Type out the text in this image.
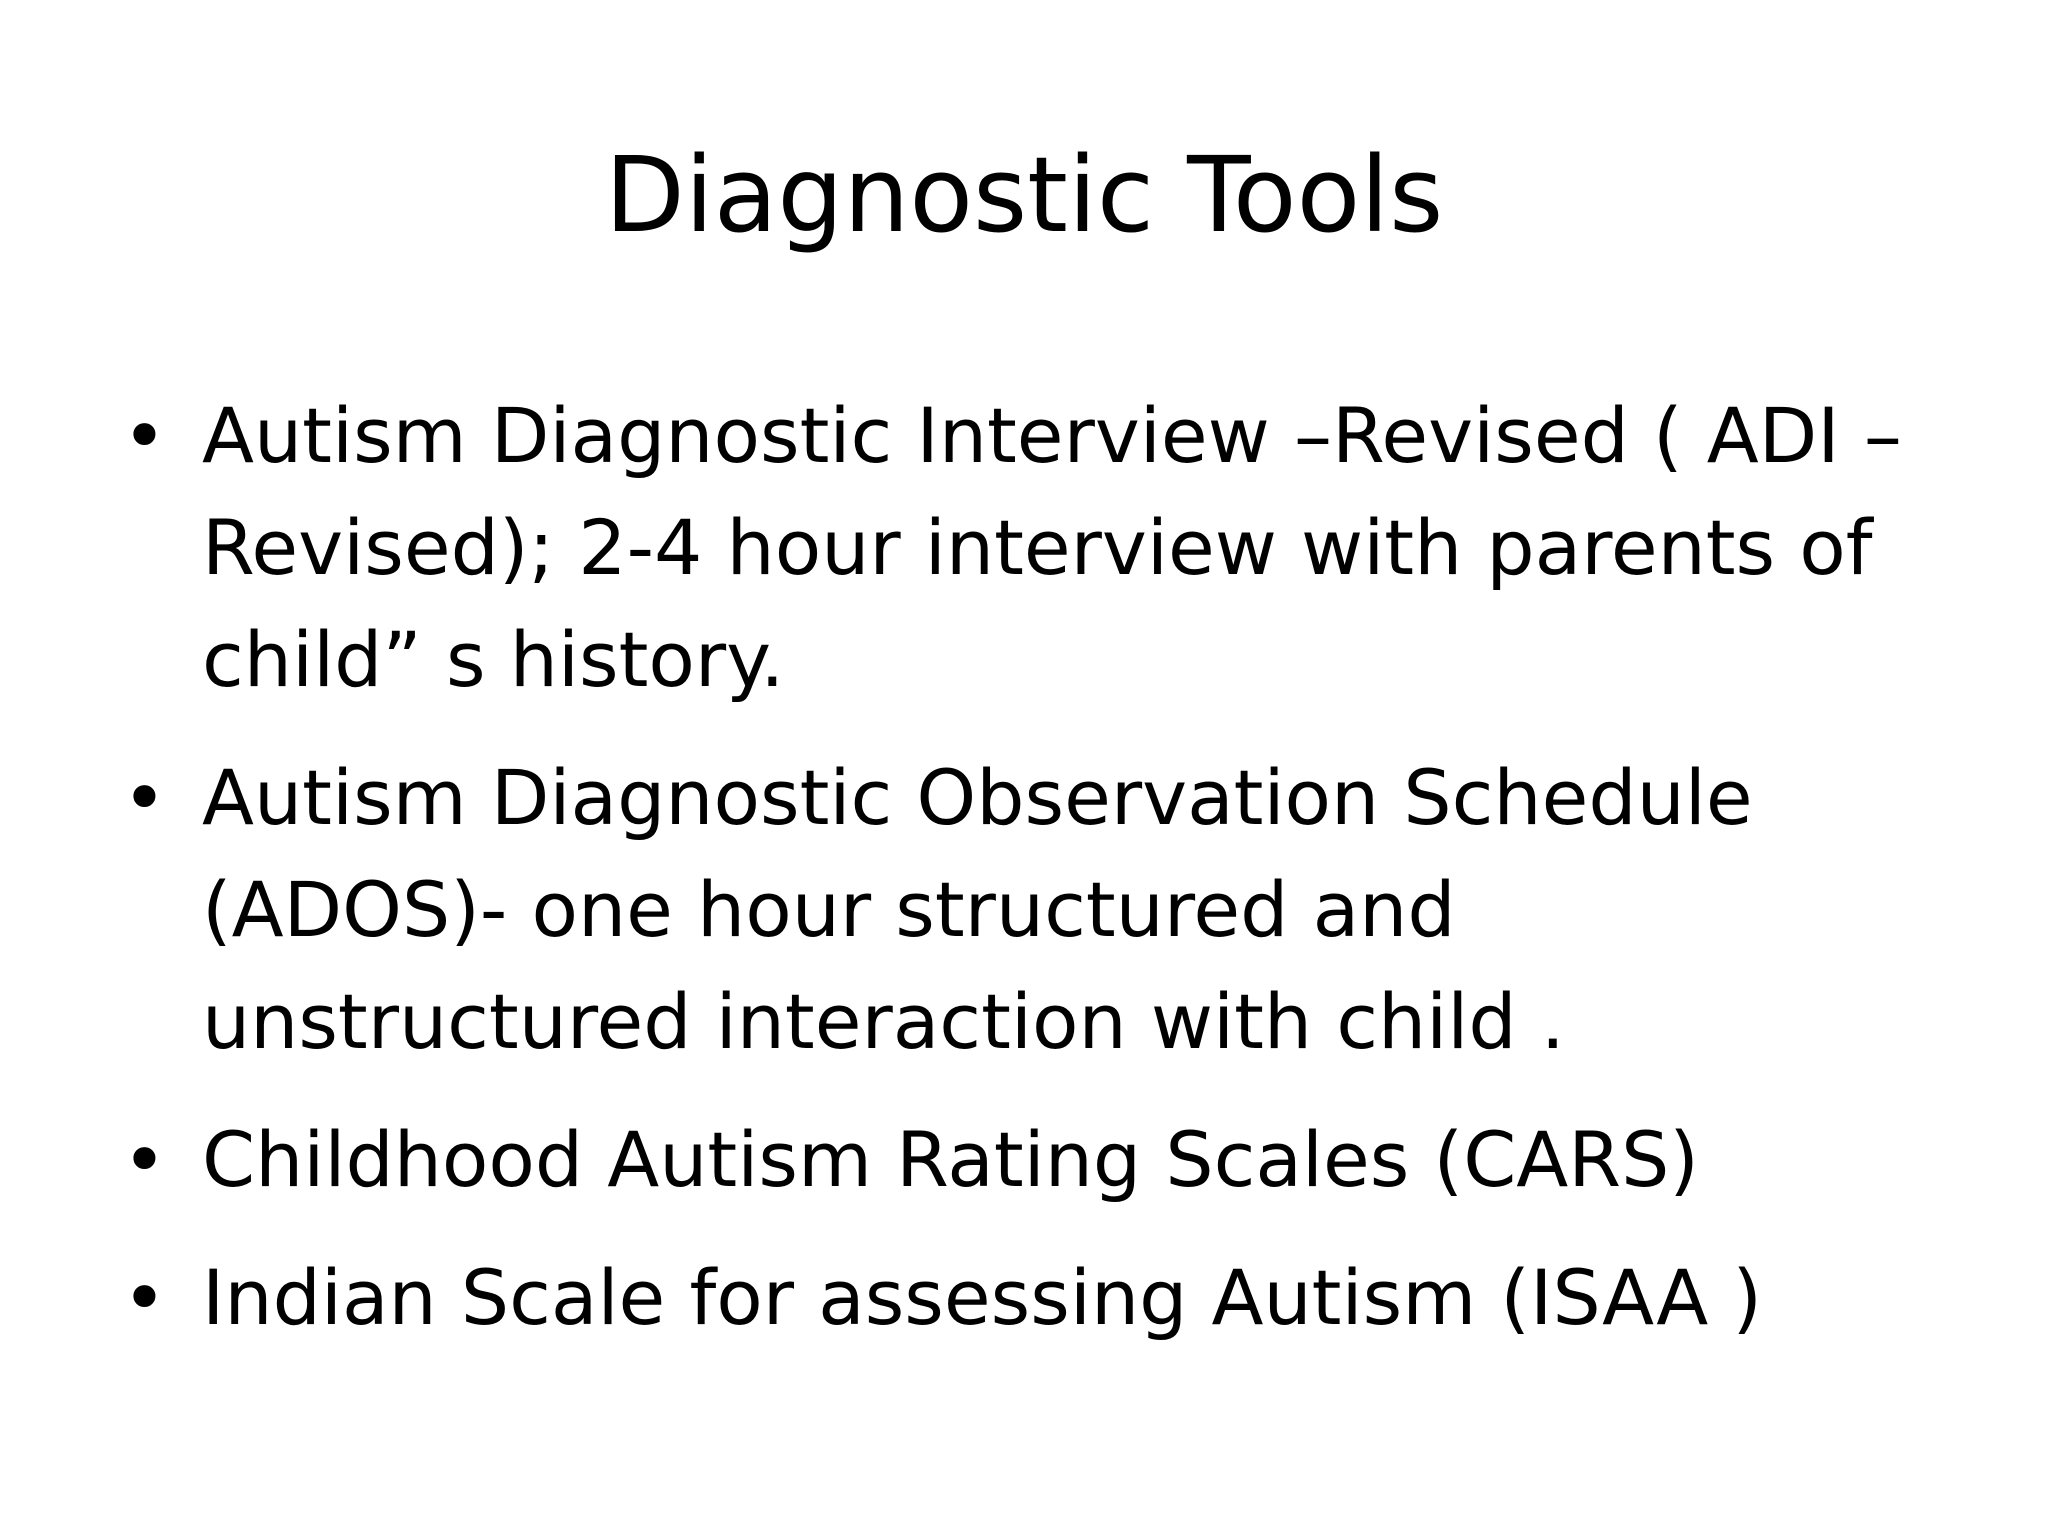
Diagnostic Tools
• Autism Diagnostic Interview –Revised ( ADI – Revised); 2-4 hour interview with parents of child” s history.
• Autism Diagnostic Observation Schedule (ADOS)- one hour structured and unstructured interaction with child .
• Childhood Autism Rating Scales (CARS)
• Indian Scale for assessing Autism (ISAA )
